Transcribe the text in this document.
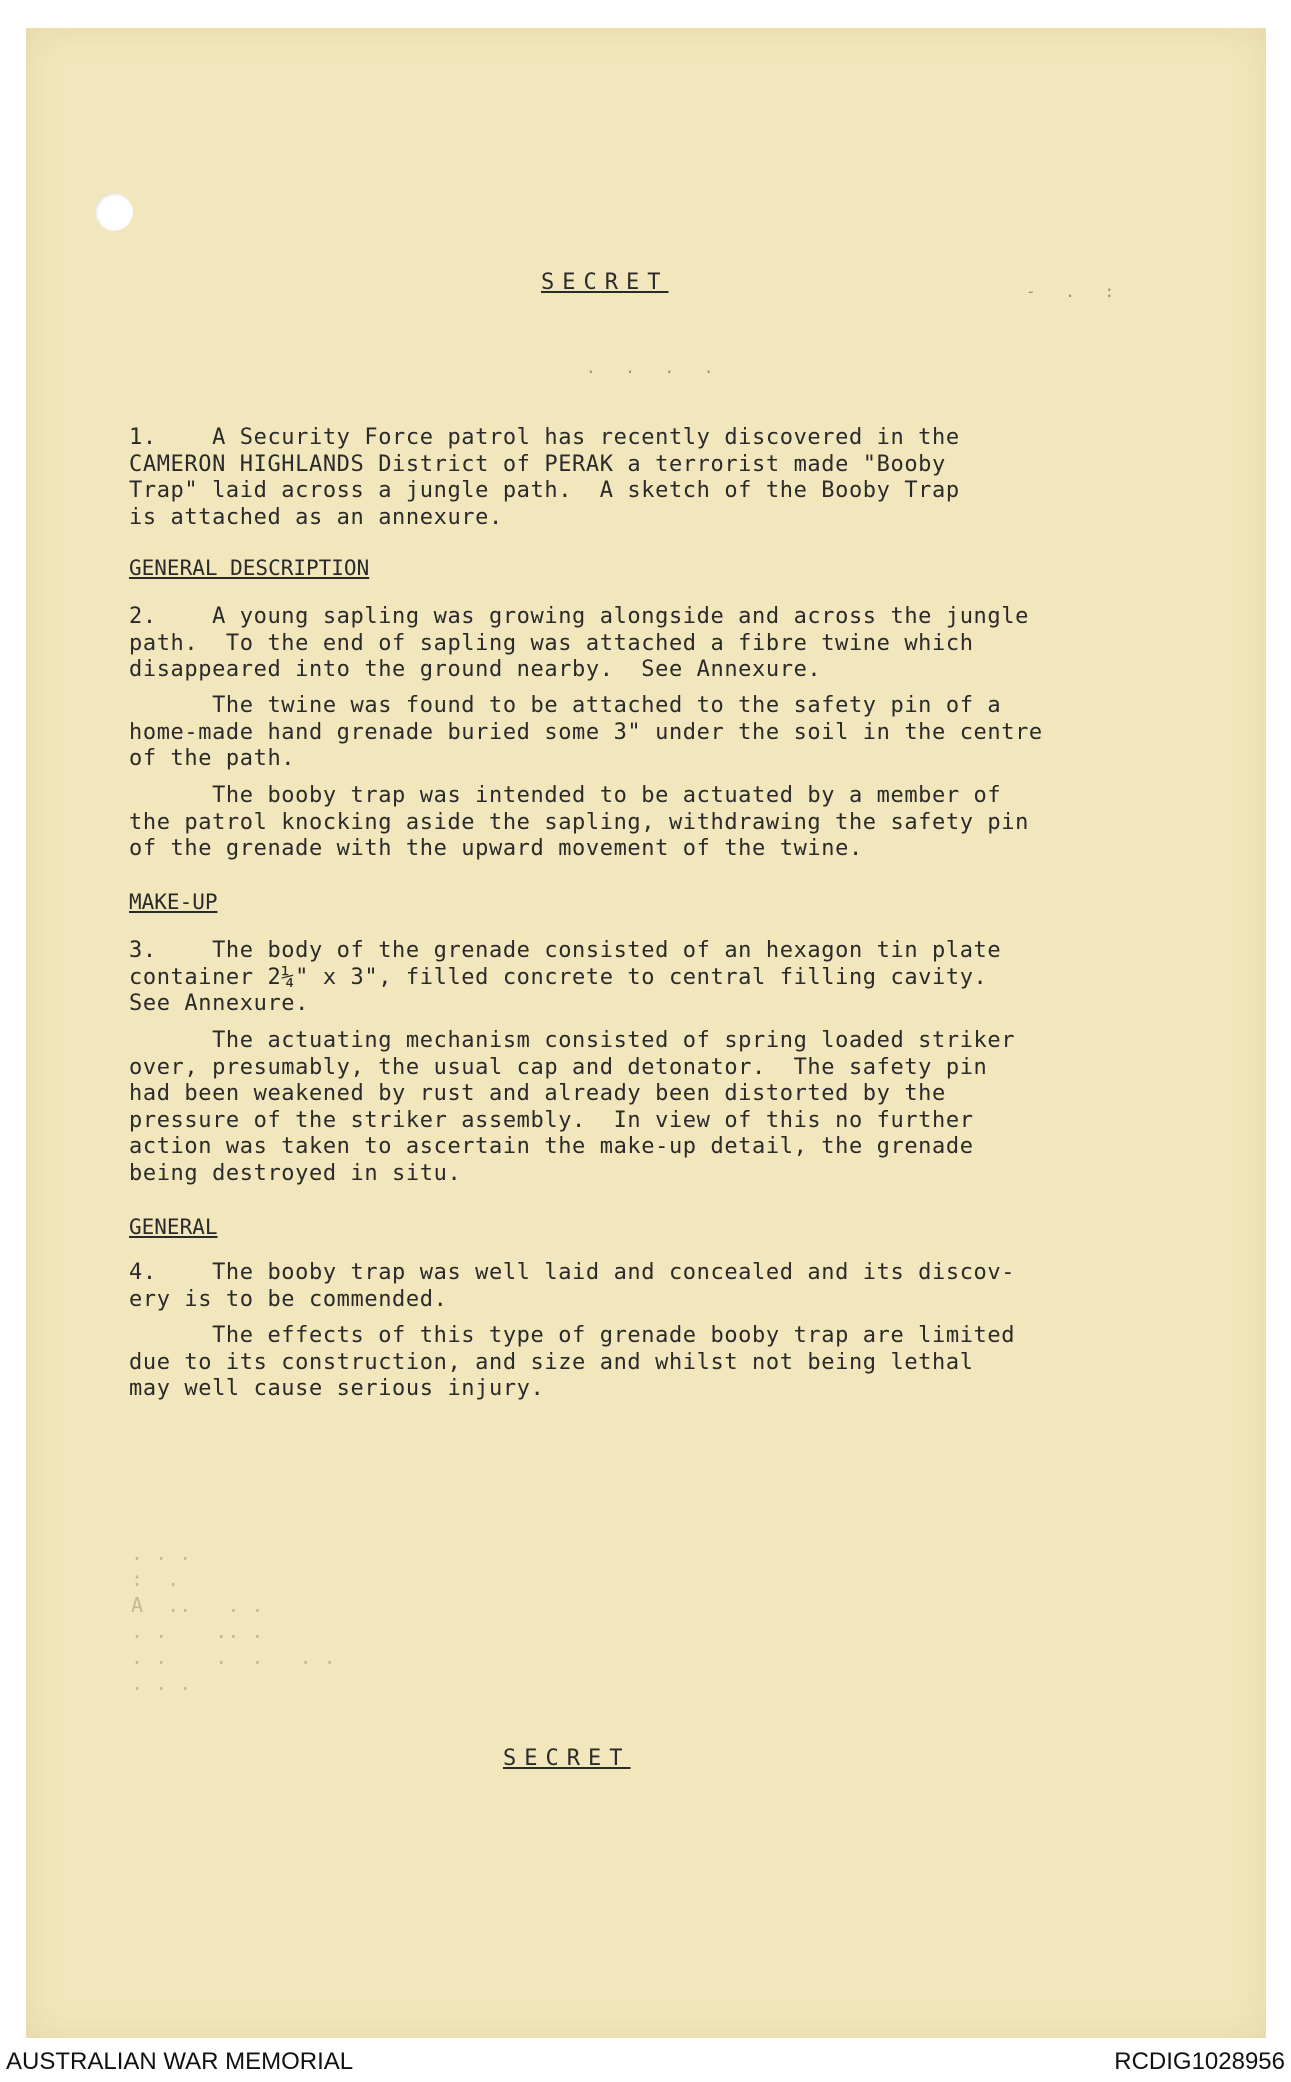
SECRET	‐ . :
. . . .
1.    A Security Force patrol has recently discovered in the
CAMERON HIGHLANDS District of PERAK a terrorist made "Booby
Trap" laid across a jungle path.  A sketch of the Booby Trap
is attached as an annexure.
GENERAL DESCRIPTION
2.    A young sapling was growing alongside and across the jungle
path.  To the end of sapling was attached a fibre twine which
disappeared into the ground nearby.  See Annexure.
The twine was found to be attached to the safety pin of a
home-made hand grenade buried some 3" under the soil in the centre
of the path.
The booby trap was intended to be actuated by a member of
the patrol knocking aside the sapling, withdrawing the safety pin
of the grenade with the upward movement of the twine.
MAKE-UP
3.    The body of the grenade consisted of an hexagon tin plate
container 2¼" x 3", filled concrete to central filling cavity.
See Annexure.
The actuating mechanism consisted of spring loaded striker
over, presumably, the usual cap and detonator.  The safety pin
had been weakened by rust and already been distorted by the
pressure of the striker assembly.  In view of this no further
action was taken to ascertain the make-up detail, the grenade
being destroyed in situ.
GENERAL
4.    The booby trap was well laid and concealed and its discov-
ery is to be commended.
The effects of this type of grenade booby trap are limited
due to its construction, and size and whilst not being lethal
may well cause serious injury.
. . .
:  .
A  ..   . .
. .    .. .
. .    .  .   . .
. . .
SECRET
AUSTRALIAN WAR MEMORIAL	RCDIG1028956
